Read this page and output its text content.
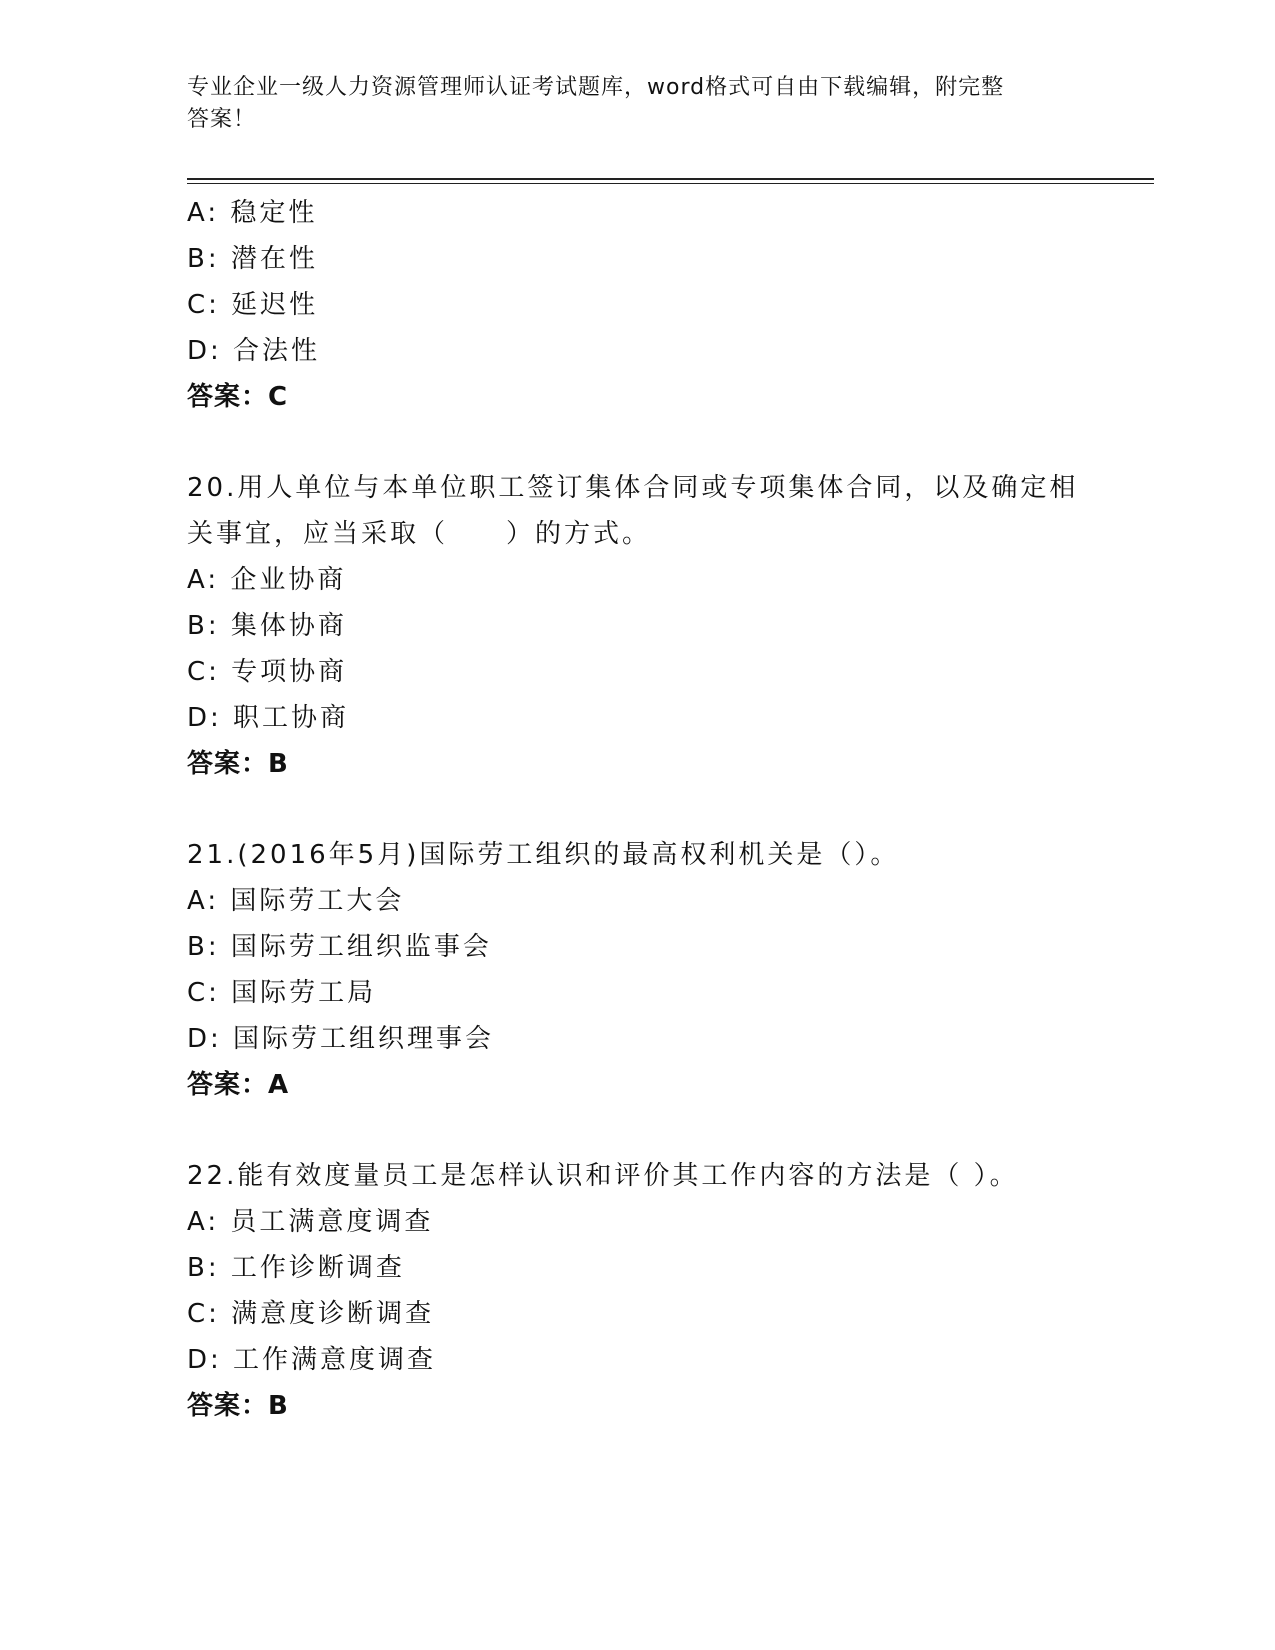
专业企业一级人力资源管理师认证考试题库，word格式可自由下载编辑，附完整
答案！
A: 稳定性
B: 潜在性
C: 延迟性
D: 合法性
答案：C
20.用人单位与本单位职工签订集体合同或专项集体合同，以及确定相
关事宜，应当采取（　　）的方式。
A: 企业协商
B: 集体协商
C: 专项协商
D: 职工协商
答案：B
21.(2016年5月)国际劳工组织的最高权利机关是（）。
A: 国际劳工大会
B: 国际劳工组织监事会
C: 国际劳工局
D: 国际劳工组织理事会
答案：A
22.能有效度量员工是怎样认识和评价其工作内容的方法是（ ）。
A: 员工满意度调查
B: 工作诊断调查
C: 满意度诊断调查
D: 工作满意度调查
答案：B
